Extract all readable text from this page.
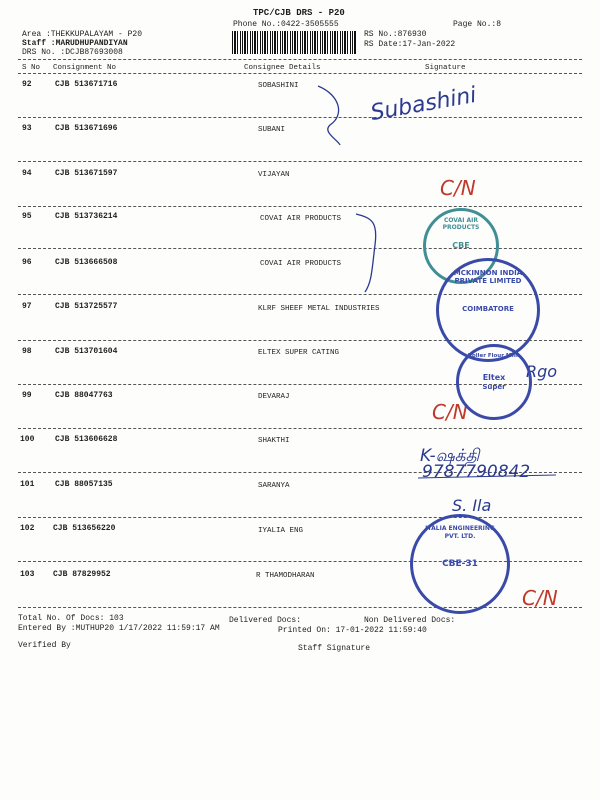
TPC/CJB DRS - P20
Phone No.:0422-3505555	Page No.:8
Area :THEKKUPALAYAM - P20
Staff :MARUDHUPANDIYAN
DRS No. :DCJB87693008
RS No.:876930
RS Date:17-Jan-2022
S No Consignment No	Consignee Details	Signature
92	CJB 513671716	SOBASHINI
93	CJB 513671696	SUBANI
94	CJB 513671597	VIJAYAN
95	CJB 513736214	COVAI AIR PRODUCTS
96	CJB 513666508	COVAI AIR PRODUCTS
97	CJB 513725577	KLRF SHEEF METAL INDUSTRIES
98	CJB 513701604	ELTEX SUPER CATING
99	CJB 88047763	DEVARAJ
100	CJB 513606628	SHAKTHI
101	CJB 88057135	SARANYA
102 CJB 513656220	IYALIA ENG
103 CJB 87829952	R THAMODHARAN
Total No. Of Docs: 103	Delivered Docs:	Non Delivered Docs:
Entered By :MUTHUP20 1/17/2022 11:59:17 AM	Printed On: 17-01-2022 11:59:40
Verified By	Staff Signature
Subashini
C/N
C/N
K-ஷக்தி
9787790842
S. Ila
Rgo
C/N
COVAI AIR PRODUCTS
CBE
MCKINNON INDIA PRIVATE LIMITED
COIMBATORE
Roller Flour Mills
Eltex
Super
IYALIA ENGINEERING PVT. LTD.
CBE-31
